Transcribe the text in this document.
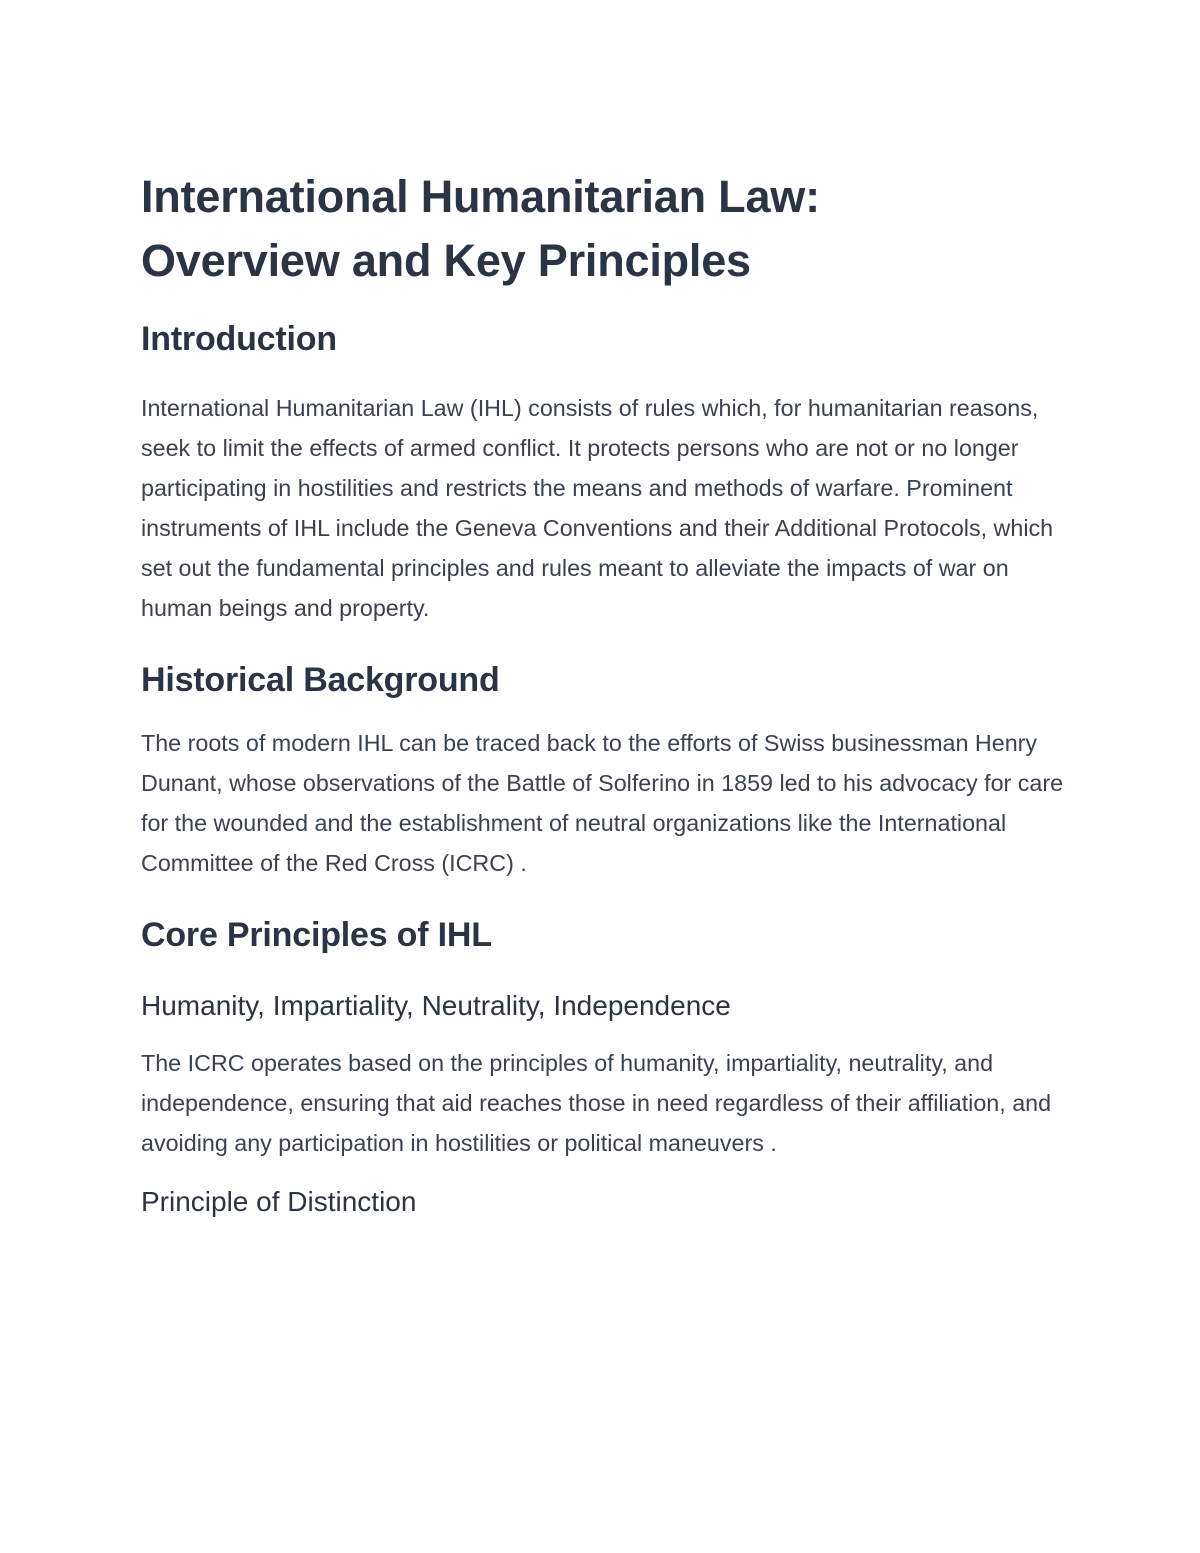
International Humanitarian Law:
Overview and Key Principles
Introduction

International Humanitarian Law (IHL) consists of rules which, for humanitarian reasons, seek to limit the effects of armed conflict. It protects persons who are not or no longer participating in hostilities and restricts the means and methods of warfare. Prominent instruments of IHL include the Geneva Conventions and their Additional Protocols, which set out the fundamental principles and rules meant to alleviate the impacts of war on human beings and property.

Historical Background

The roots of modern IHL can be traced back to the efforts of Swiss businessman Henry Dunant, whose observations of the Battle of Solferino in 1859 led to his advocacy for care for the wounded and the establishment of neutral organizations like the International Committee of the Red Cross (ICRC) .

Core Principles of IHL
Humanity, Impartiality, Neutrality, Independence

The ICRC operates based on the principles of humanity, impartiality, neutrality, and independence, ensuring that aid reaches those in need regardless of their affiliation, and avoiding any participation in hostilities or political maneuvers .

Principle of Distinction
